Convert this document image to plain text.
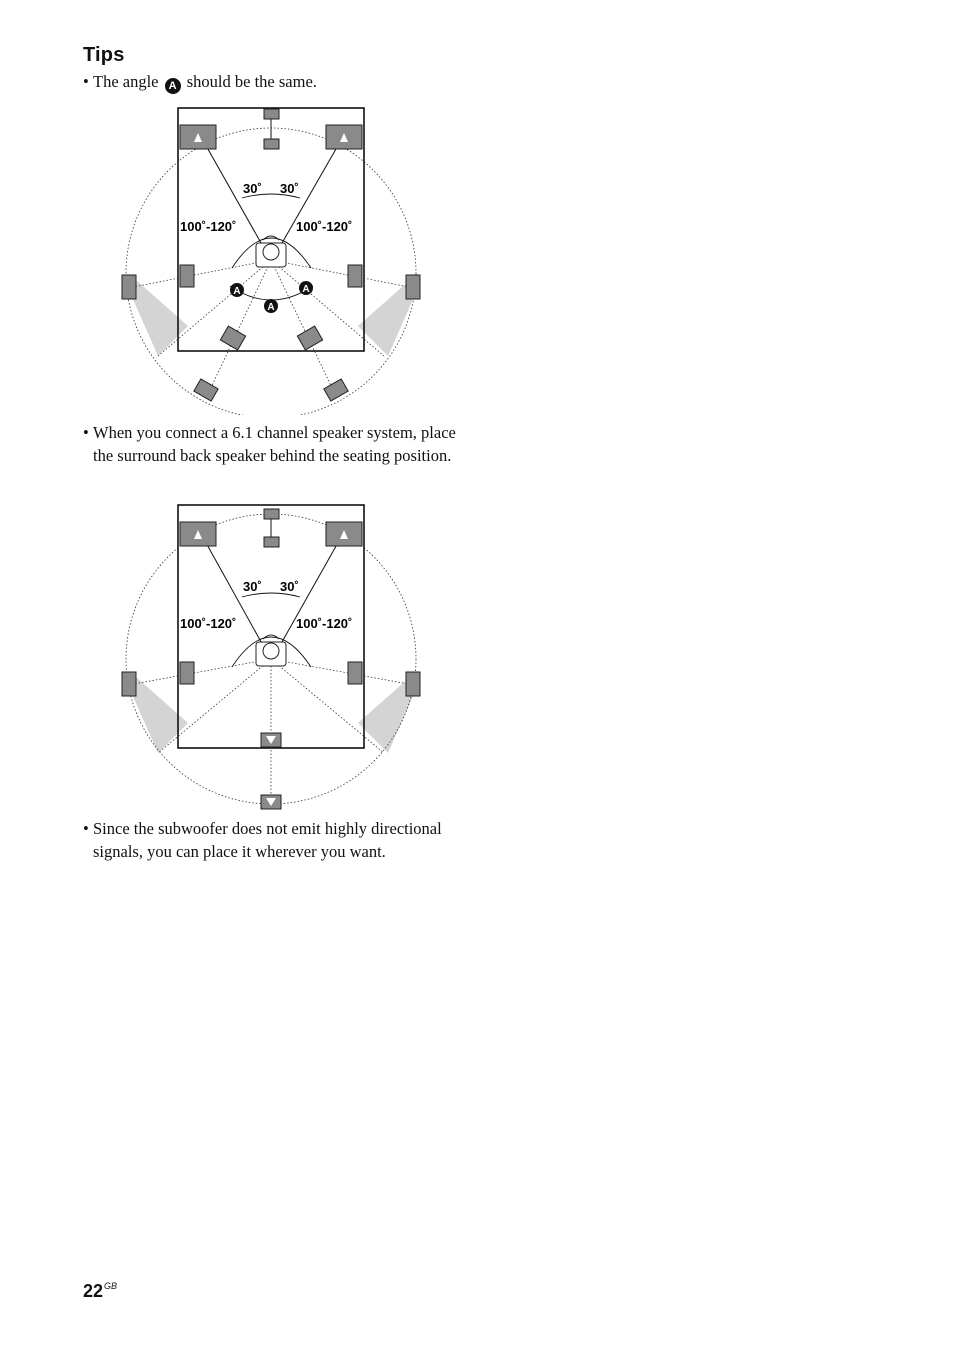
Tips
• The angle A should be the same.
30˚ 30˚
100˚-120˚	100˚-120˚
A	A
A
• When you connect a 6.1 channel speaker system, place the surround back speaker behind the seating position.
30˚ 30˚
100˚-120˚	100˚-120˚
• Since the subwoofer does not emit highly directional signals, you can place it wherever you want.
$22^{GB}$
